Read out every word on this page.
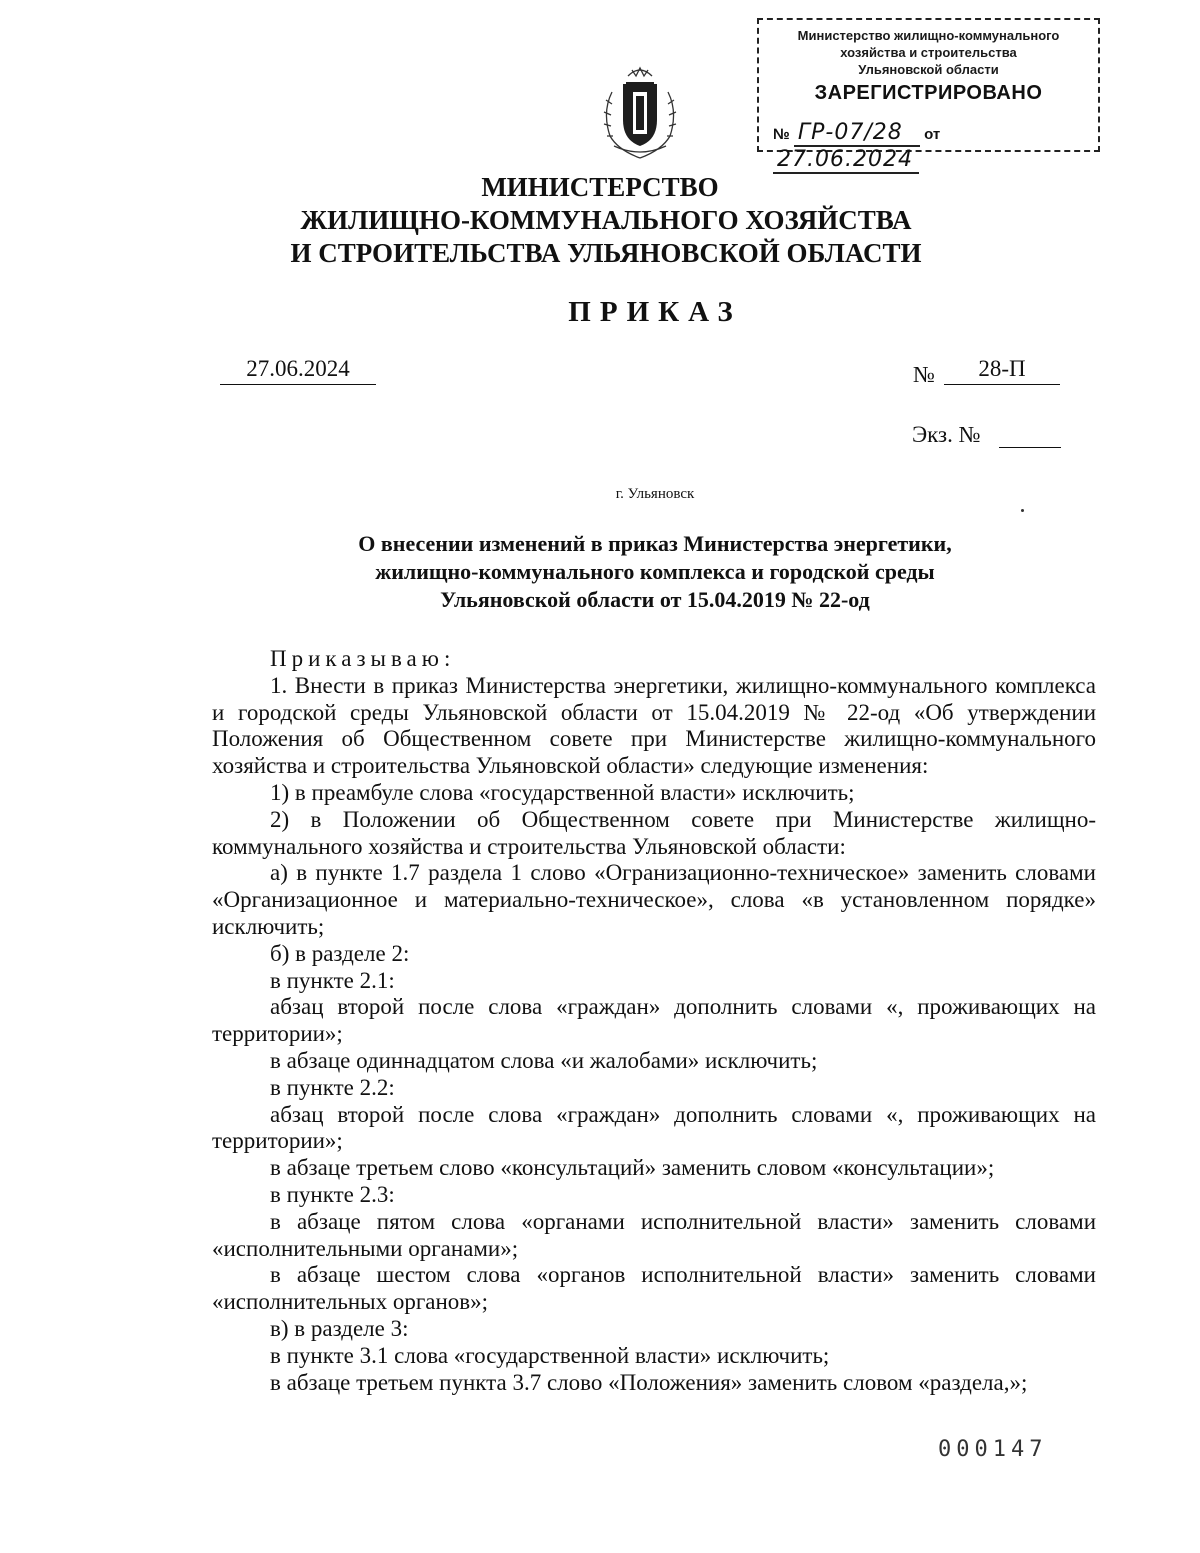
Министерство жилищно-коммунального
хозяйства и строительства
Ульяновской области
ЗАРЕГИСТРИРОВАНО
№ ГР-07/28 от 27.06.2024
МИНИСТЕРСТВО
ЖИЛИЩНО-КОММУНАЛЬНОГО ХОЗЯЙСТВА
И СТРОИТЕЛЬСТВА УЛЬЯНОВСКОЙ ОБЛАСТИ
ПРИКАЗ
27.06.2024	№	28-П
Экз. №
г. Ульяновск
О внесении изменений в приказ Министерства энергетики,
жилищно-коммунального комплекса и городской среды
Ульяновской области от 15.04.2019 № 22-од

Приказываю:

1. Внести в приказ Министерства энергетики, жилищно-коммунального комплекса и городской среды Ульяновской области от 15.04.2019 № 22-од «Об утверждении Положения об Общественном совете при Министерстве жилищно-коммунального хозяйства и строительства Ульяновской области» следующие изменения:

1) в преамбуле слова «государственной власти» исключить;

2) в Положении об Общественном совете при Министерстве жилищно-коммунального хозяйства и строительства Ульяновской области:

а) в пункте 1.7 раздела 1 слово «Огранизационно-техническое» заменить словами «Организационное и материально-техническое», слова «в установленном порядке» исключить;

б) в разделе 2:

в пункте 2.1:

абзац второй после слова «граждан» дополнить словами «, проживающих на территории»;

в абзаце одиннадцатом слова «и жалобами» исключить;

в пункте 2.2:

абзац второй после слова «граждан» дополнить словами «, проживающих на территории»;

в абзаце третьем слово «консультаций» заменить словом «консультации»;

в пункте 2.3:

в абзаце пятом слова «органами исполнительной власти» заменить словами «исполнительными органами»;

в абзаце шестом слова «органов исполнительной власти» заменить словами «исполнительных органов»;

в) в разделе 3:

в пункте 3.1 слова «государственной власти» исключить;

в абзаце третьем пункта 3.7 слово «Положения» заменить словом «раздела,»;

000147
